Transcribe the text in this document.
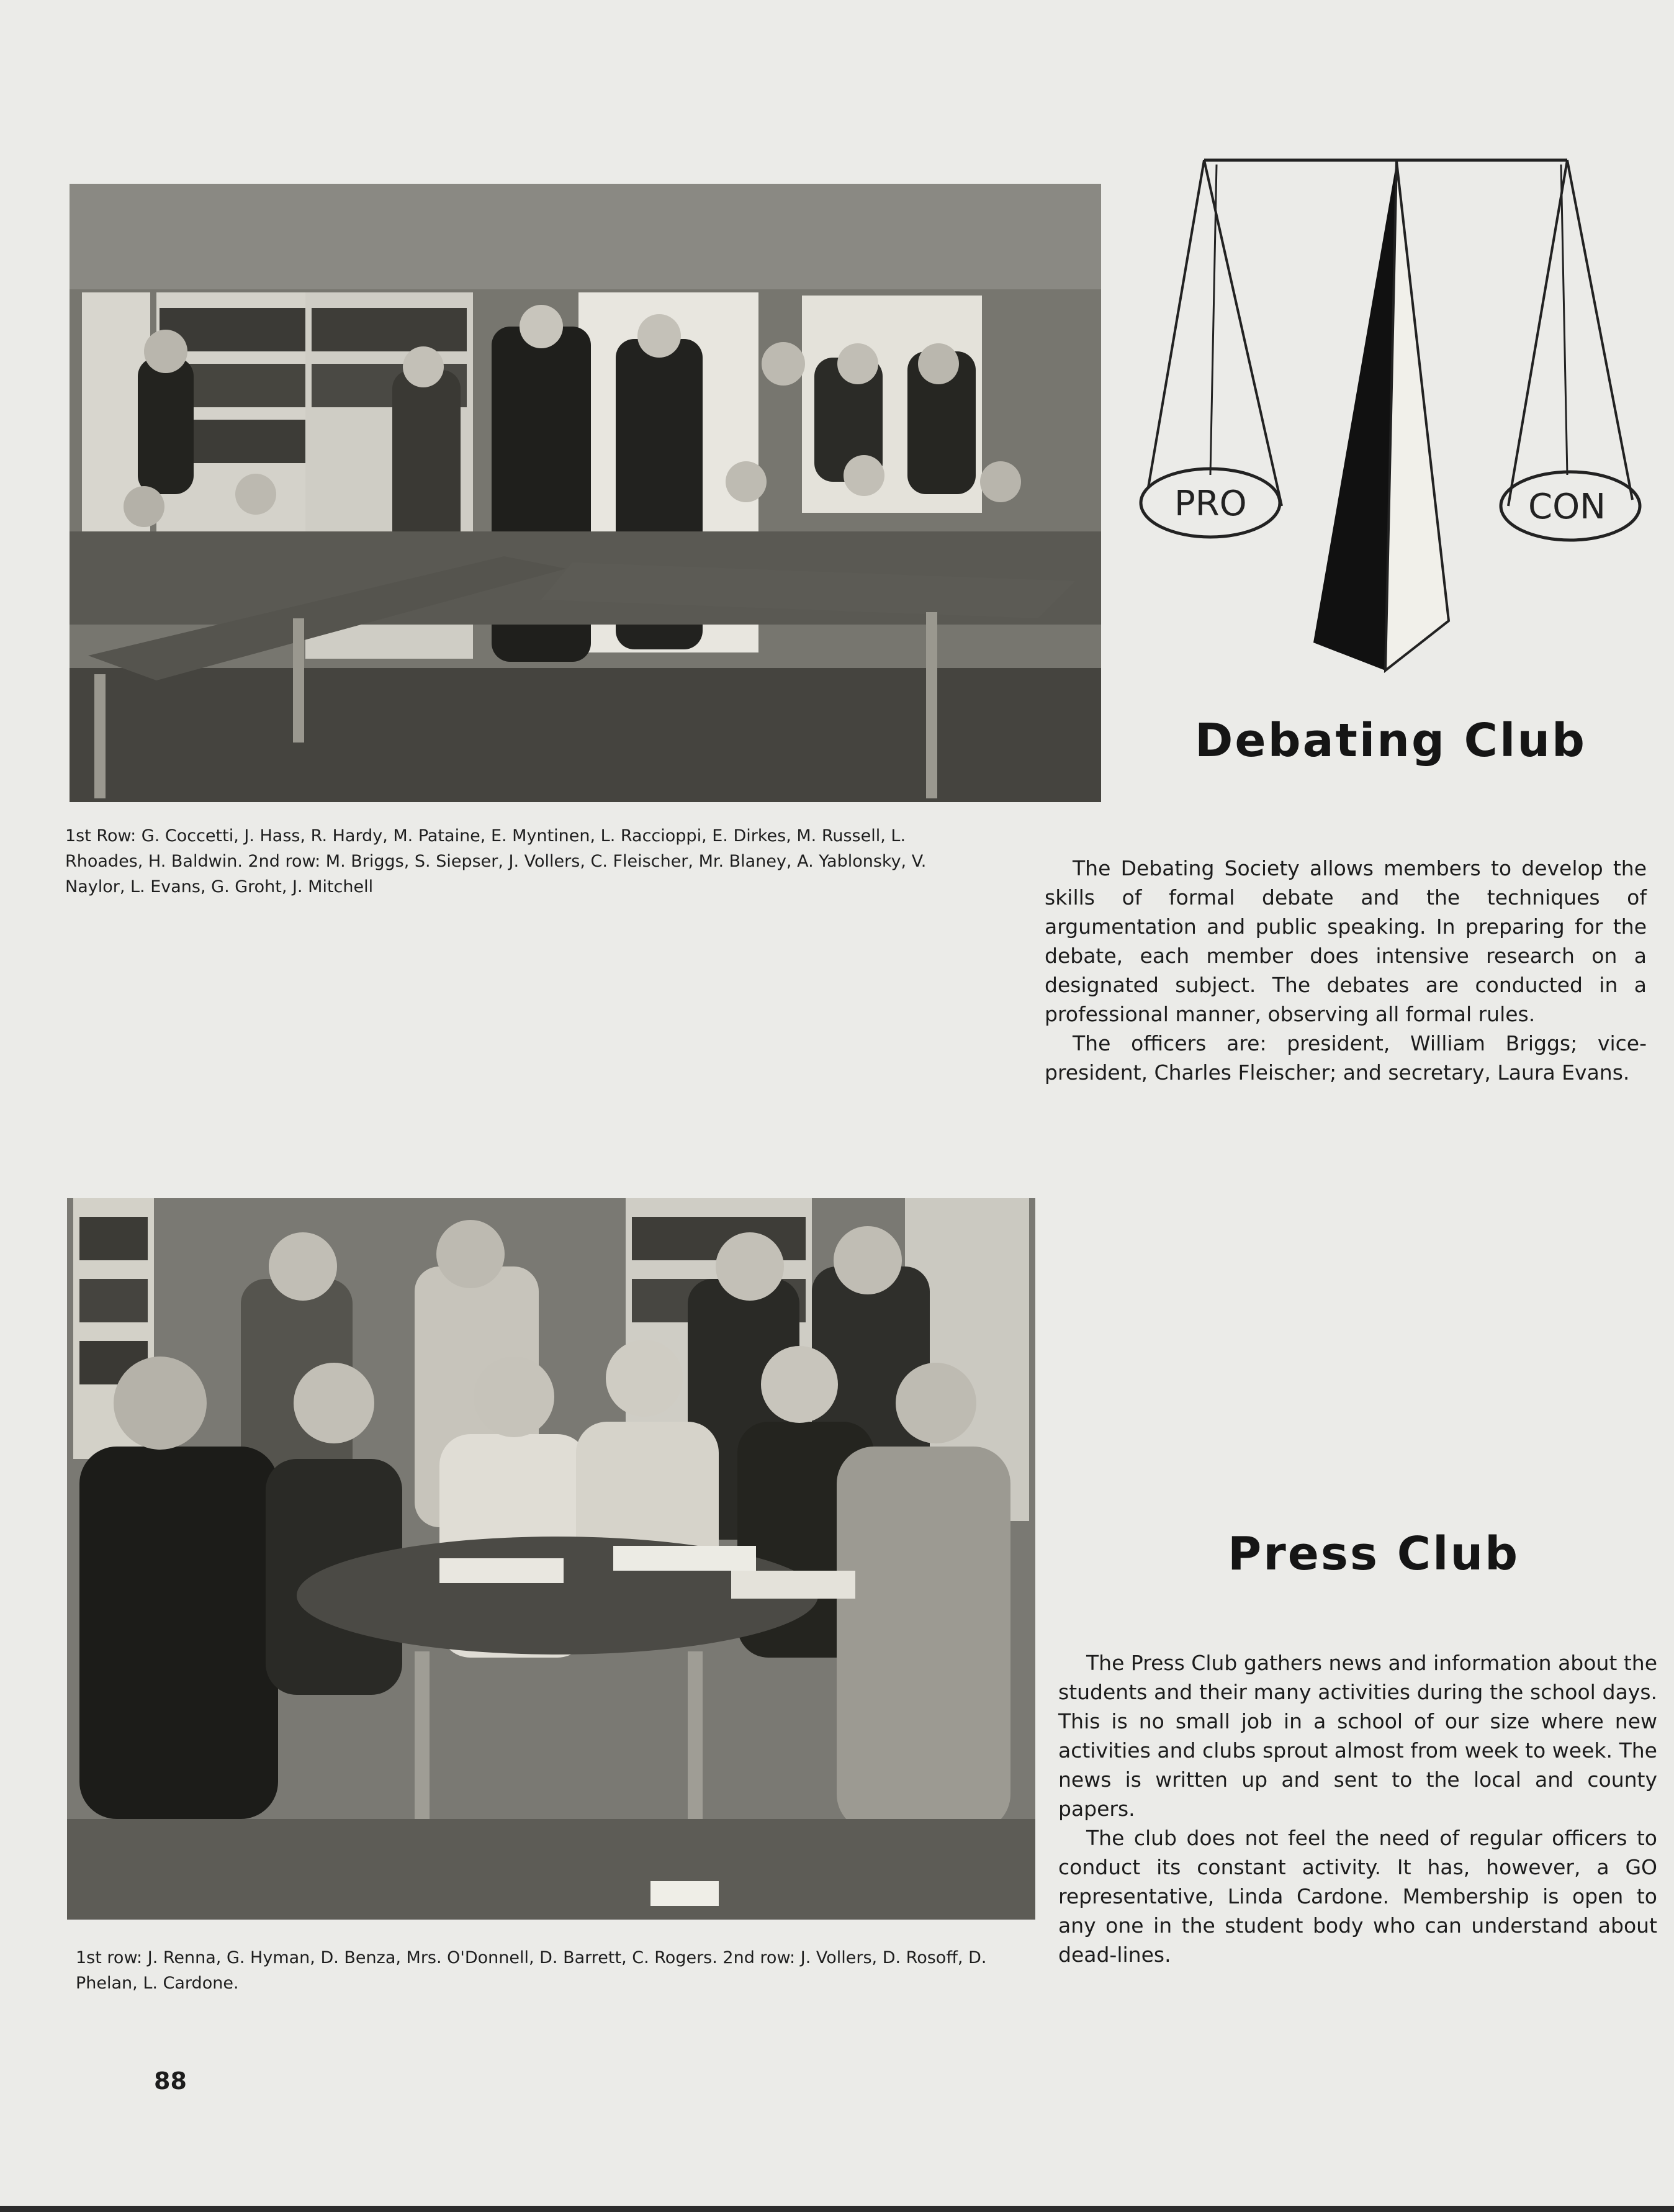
1st Row: G. Coccetti, J. Hass, R. Hardy, M. Pataine, E. Myntinen, L. Raccioppi, E. Dirkes, M. Russell, L. Rhoades, H. Baldwin. 2nd row: M. Briggs, S. Siepser, J. Vollers, C. Fleischer, Mr. Blaney, A. Yablonsky, V. Naylor, L. Evans, G. Groht, J. Mitchell

PRO	CON
Debating Club

The Debating Society allows members to develop the skills of formal debate and the techniques of argumentation and public speaking. In preparing for the debate, each member does intensive research on a designated subject. The debates are conducted in a professional manner, observing all formal rules.

The officers are: president, William Briggs; vice-president, Charles Fleischer; and secretary, Laura Evans.

1st row: J. Renna, G. Hyman, D. Benza, Mrs. O'Donnell, D. Barrett, C. Rogers. 2nd row: J. Vollers, D. Rosoff, D. Phelan, L. Cardone.

Press Club

The Press Club gathers news and information about the students and their many activities during the school days. This is no small job in a school of our size where new activities and clubs sprout almost from week to week. The news is written up and sent to the local and county papers.

The club does not feel the need of regular officers to conduct its constant activity. It has, however, a GO representative, Linda Cardone. Membership is open to any one in the student body who can understand about dead-lines.

88
